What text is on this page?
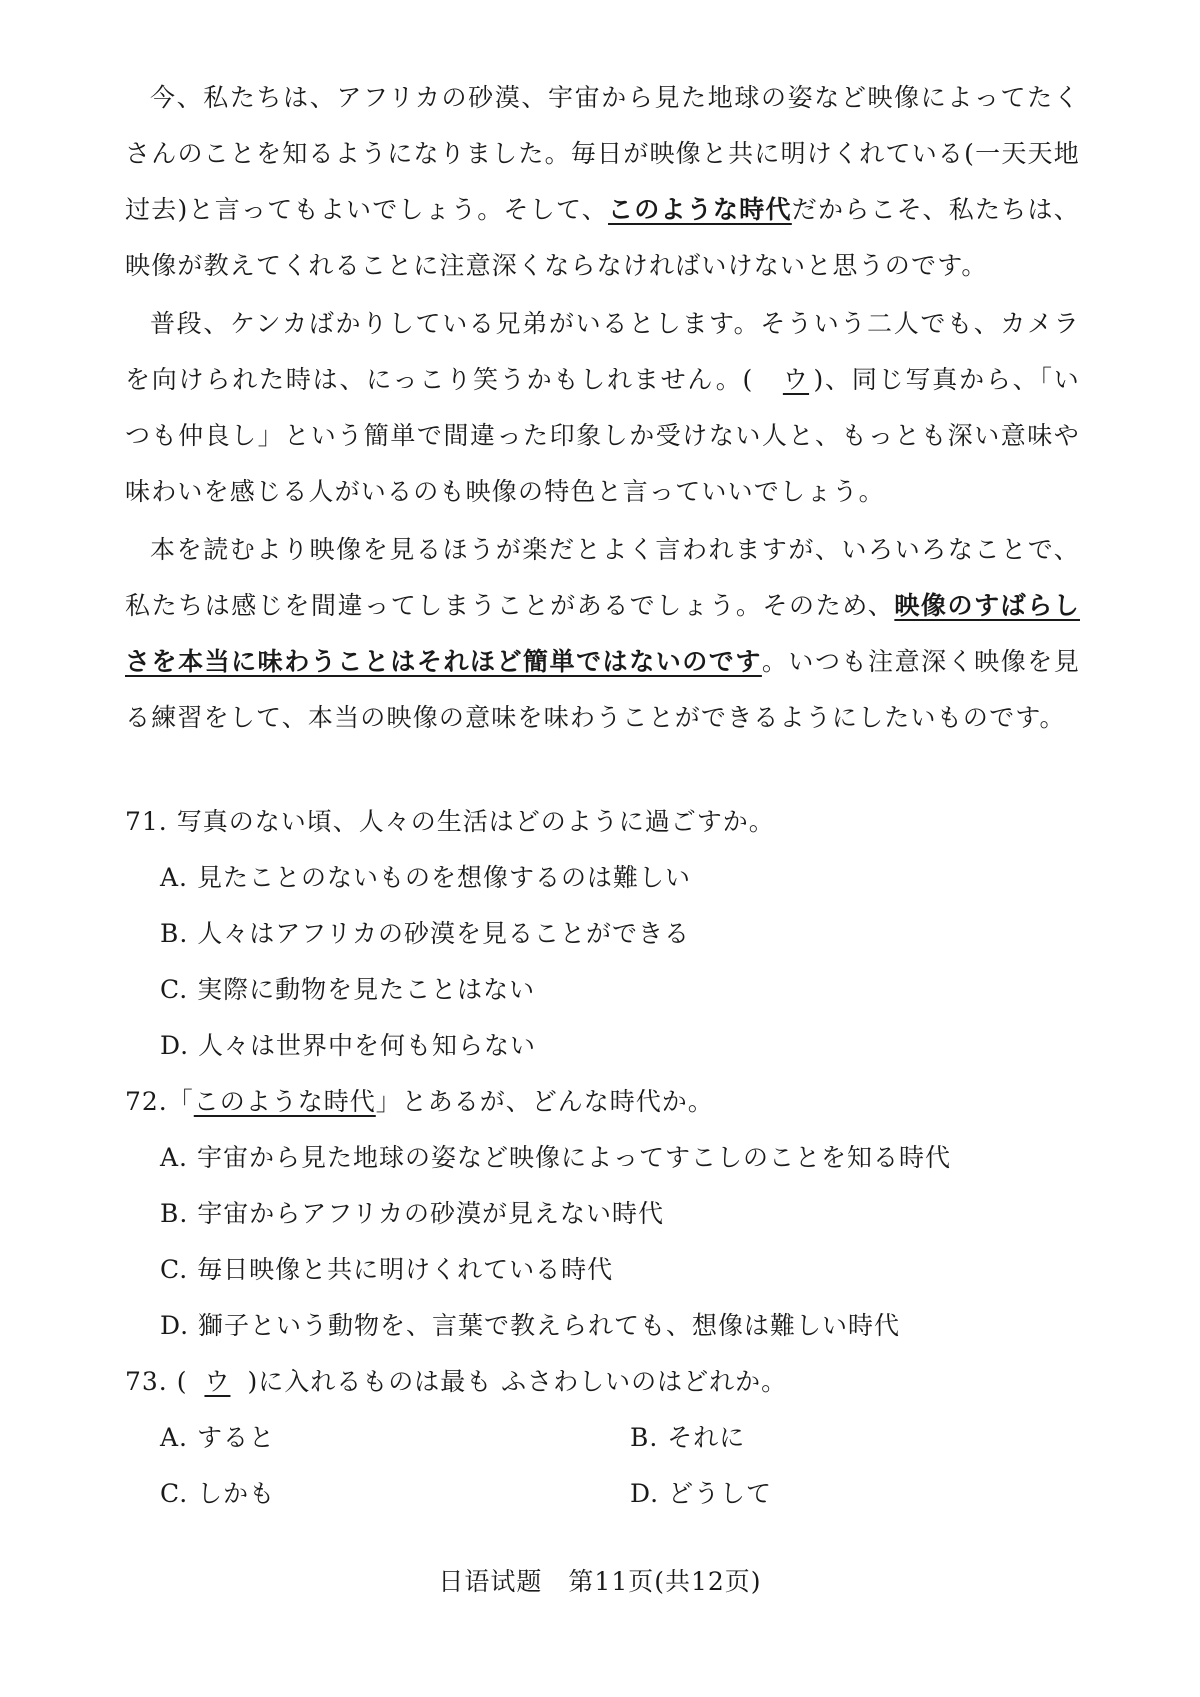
今、私たちは、アフリカの砂漠、宇宙から見た地球の姿など映像によってたくさんのことを知るようになりました。毎日が映像と共に明けくれている(一天天地过去)と言ってもよいでしょう。そして、このような時代だからこそ、私たちは、映像が教えてくれることに注意深くならなければいけないと思うのです。

普段、ケンカばかりしている兄弟がいるとします。そういう二人でも、カメラを向けられた時は、にっこり笑うかもしれません。( ウ )、同じ写真から、「いつも仲良し」という簡単で間違った印象しか受けない人と、もっとも深い意味や味わいを感じる人がいるのも映像の特色と言っていいでしょう。

本を読むより映像を見るほうが楽だとよく言われますが、いろいろなことで、私たちは感じを間違ってしまうことがあるでしょう。そのため、映像のすばらしさを本当に味わうことはそれほど簡単ではないのです。いつも注意深く映像を見る練習をして、本当の映像の意味を味わうことができるようにしたいものです。

71. 写真のない頃、人々の生活はどのように過ごすか。
A. 見たことのないものを想像するのは難しい
B. 人々はアフリカの砂漠を見ることができる
C. 実際に動物を見たことはない
D. 人々は世界中を何も知らない
72.「このような時代」とあるが、どんな時代か。
A. 宇宙から見た地球の姿など映像によってすこしのことを知る時代
B. 宇宙からアフリカの砂漠が見えない時代
C. 毎日映像と共に明けくれている時代
D. 獅子という動物を、言葉で教えられても、想像は難しい時代
73. ( ウ )に入れるものは最も ふさわしいのはどれか。
A. すると	B. それに
C. しかも	D. どうして
日语试题　第11页(共12页)
